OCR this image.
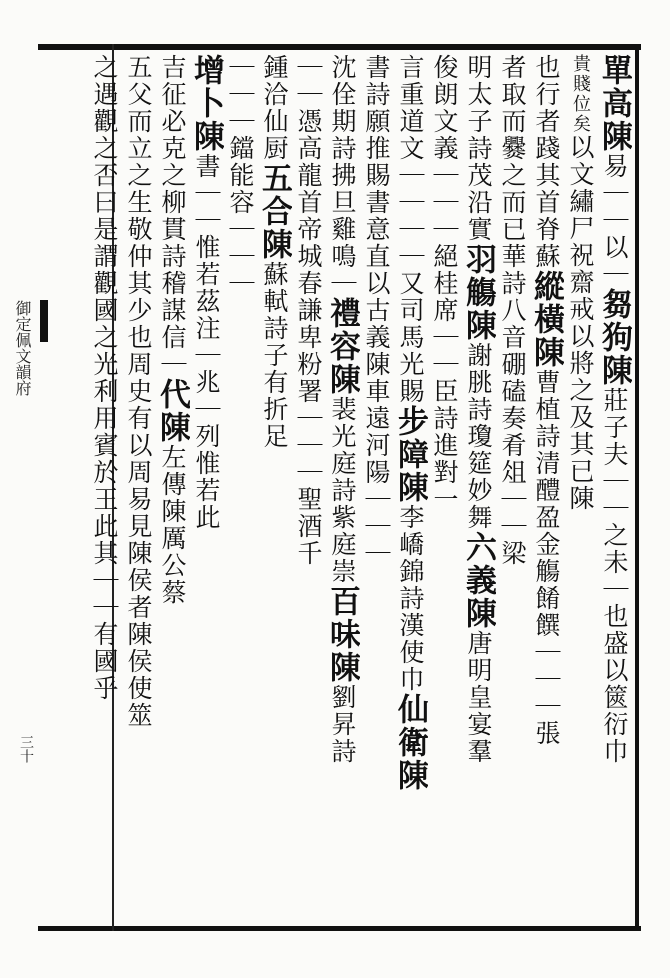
御定佩文韻府
三十
單高陳易｜｜以｜芻狗陳莊子夫｜｜之未｜也盛以篋衍巾
貴賤位矣以文繡尸祝齋戒以將之及其已陳
也行者踐其首脊蘇縱橫陳曹植詩清醴盈金觴餚饌｜｜｜張
者取而爨之而已華詩八音硼磕奏肴俎｜｜梁
明太子詩茂沿實羽觴陳謝朓詩瓊筵妙舞六義陳唐明皇宴羣
俊朗文義｜｜｜絕桂席｜｜臣詩進對一
言重道文｜｜｜｜又司馬光賜步障陳李嶠錦詩漢使巾仙衛陳
書詩願推賜書意直以古義陳車遠河陽｜｜｜
沈佺期詩拂旦雞鳴｜禮容陳裴光庭詩紫庭崇百味陳劉昇詩
｜｜憑高龍首帝城春謙卑粉署｜｜｜聖酒千
鍾洽仙厨五合陳蘇軾詩子有折足
｜｜｜鐺能容｜｜｜
增卜陳書｜｜惟若茲注｜兆｜列惟若此
吉征必克之柳貫詩稽謀信｜代陳左傳陳厲公蔡
五父而立之生敬仲其少也周史有以周易見陳侯者陳侯使筮
之遇觀之否曰是謂觀國之光利用賓於王此其｜｜有國乎
